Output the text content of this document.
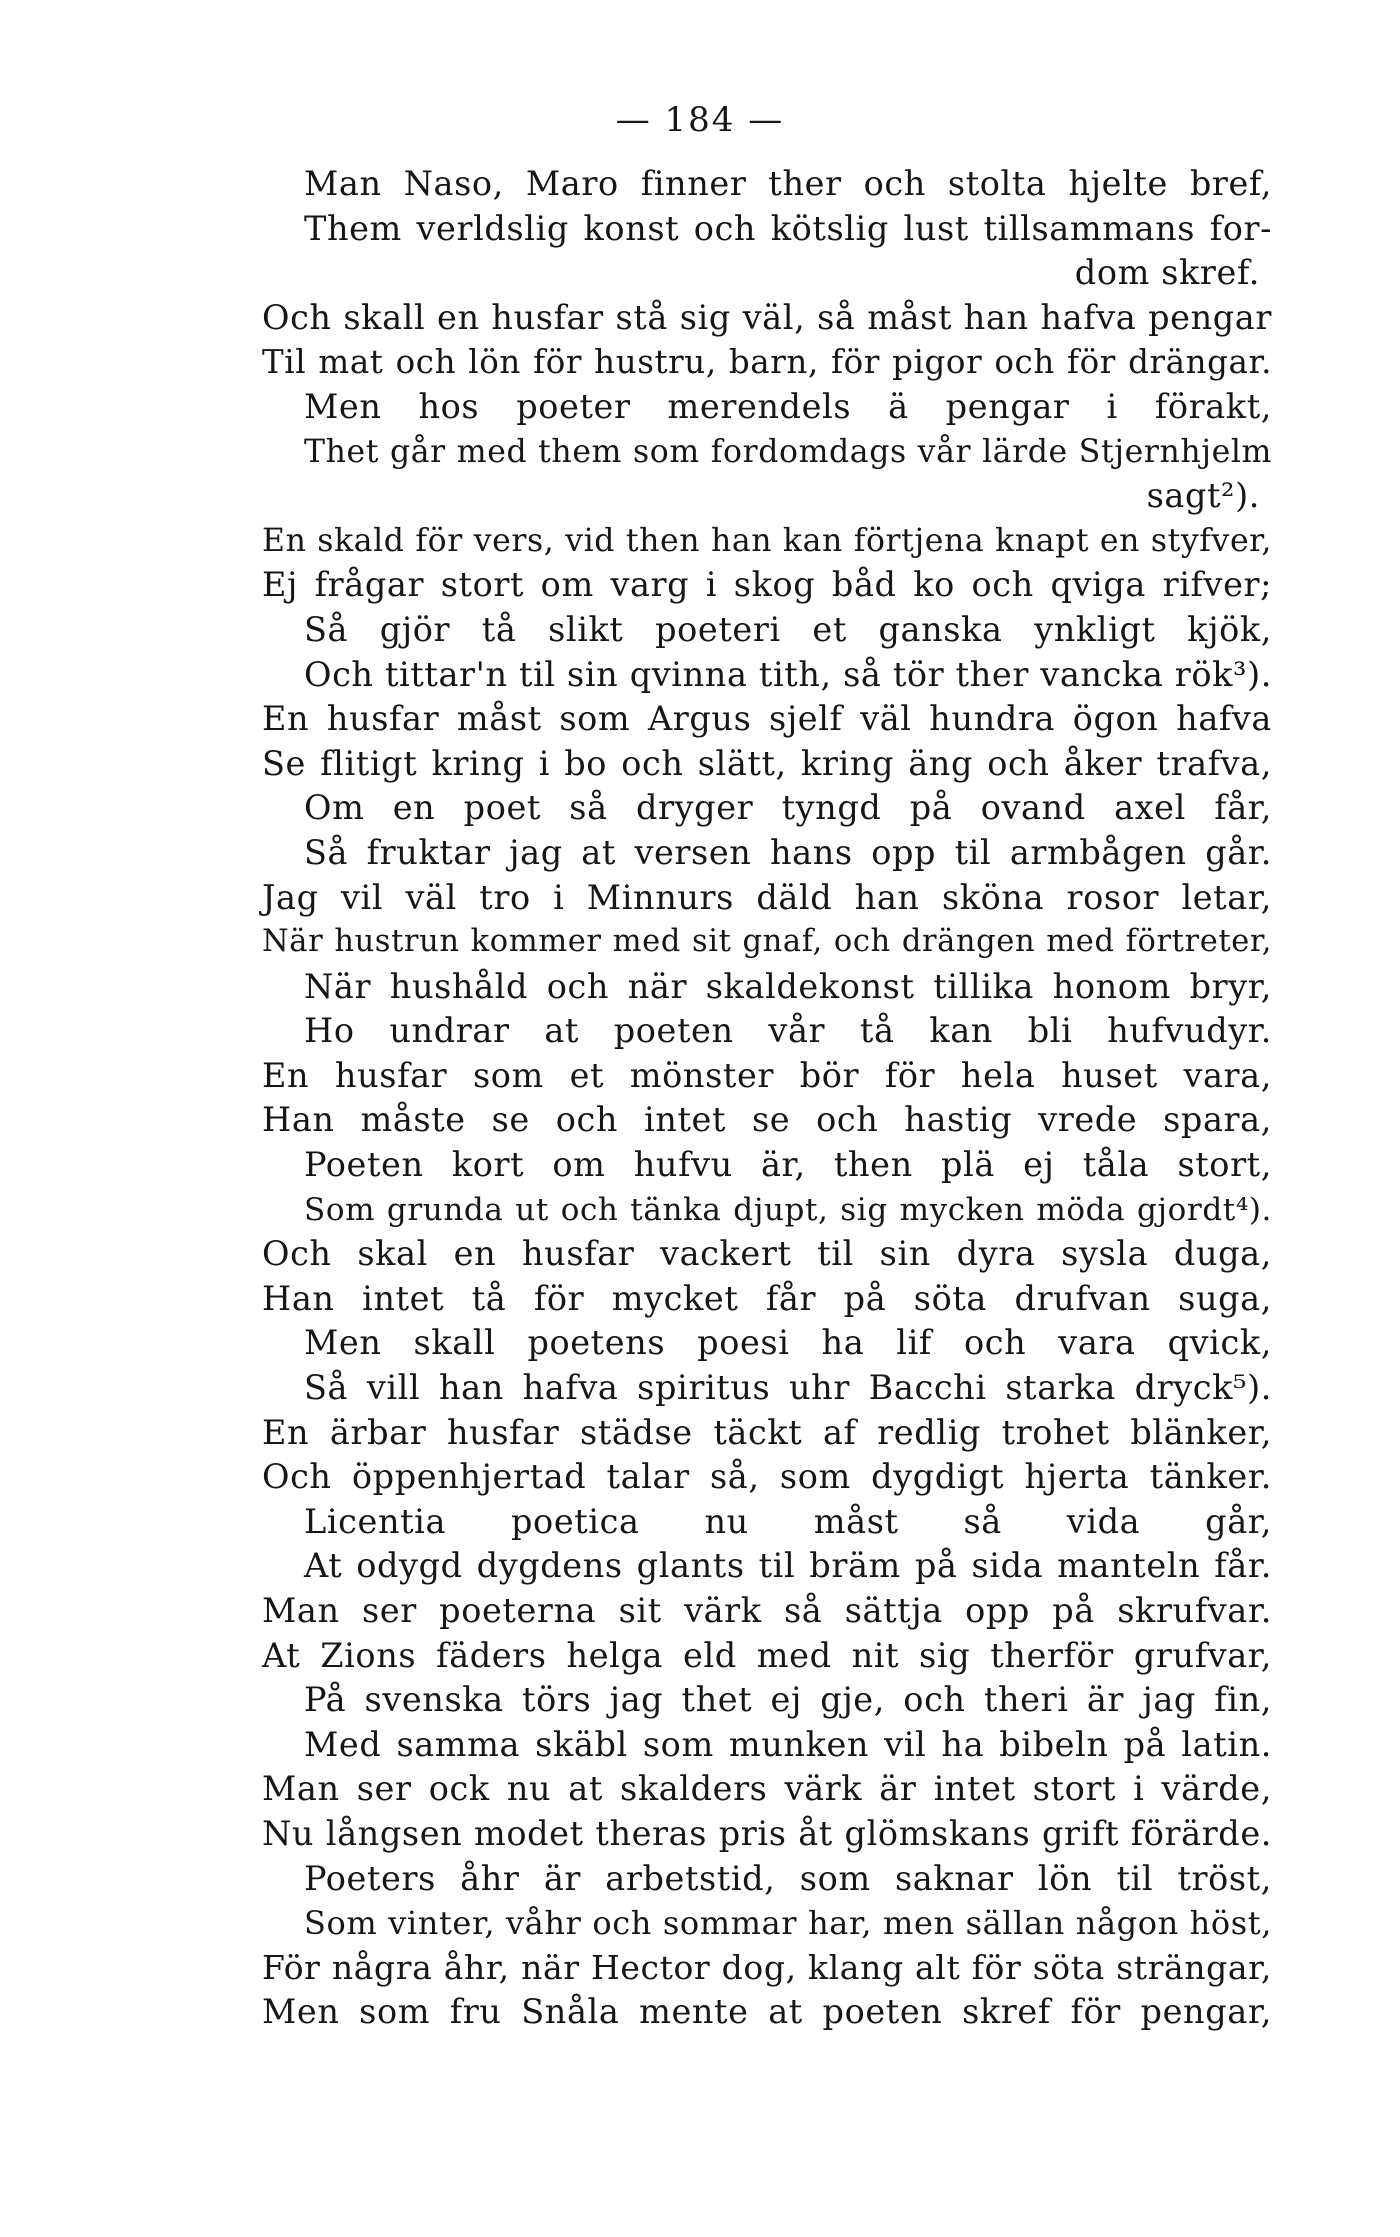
— 184 —
Man Naso, Maro finner ther och stolta hjelte bref,
Them verldslig konst och kötslig lust tillsammans for-
dom skref.
Och skall en husfar stå sig väl, så måst han hafva pengar
Til mat och lön för hustru, barn, för pigor och för drängar.
Men hos poeter merendels ä pengar i förakt,
Thet går med them som fordomdags vår lärde Stjernhjelm
sagt²).
En skald för vers, vid then han kan förtjena knapt en styfver,
Ej frågar stort om varg i skog båd ko och qviga rifver;
Så gjör tå slikt poeteri et ganska ynkligt kjök,
Och tittar'n til sin qvinna tith, så tör ther vancka rök³).
En husfar måst som Argus sjelf väl hundra ögon hafva
Se flitigt kring i bo och slätt, kring äng och åker trafva,
Om en poet så dryger tyngd på ovand axel får,
Så fruktar jag at versen hans opp til armbågen går.
Jag vil väl tro i Minnurs däld han sköna rosor letar,
När hustrun kommer med sit gnaf, och drängen med förtreter,
När hushåld och när skaldekonst tillika honom bryr,
Ho undrar at poeten vår tå kan bli hufvudyr.
En husfar som et mönster bör för hela huset vara,
Han måste se och intet se och hastig vrede spara,
Poeten kort om hufvu är, then plä ej tåla stort,
Som grunda ut och tänka djupt, sig mycken möda gjordt⁴).
Och skal en husfar vackert til sin dyra sysla duga,
Han intet tå för mycket får på söta drufvan suga,
Men skall poetens poesi ha lif och vara qvick,
Så vill han hafva spiritus uhr Bacchi starka dryck⁵).
En ärbar husfar städse täckt af redlig trohet blänker,
Och öppenhjertad talar så, som dygdigt hjerta tänker.
Licentia poetica nu måst så vida går,
At odygd dygdens glants til bräm på sida manteln får.
Man ser poeterna sit värk så sättja opp på skrufvar.
At Zions fäders helga eld med nit sig therför grufvar,
På svenska törs jag thet ej gje, och theri är jag fin,
Med samma skäbl som munken vil ha bibeln på latin.
Man ser ock nu at skalders värk är intet stort i värde,
Nu långsen modet theras pris åt glömskans grift förärde.
Poeters åhr är arbetstid, som saknar lön til tröst,
Som vinter, våhr och sommar har, men sällan någon höst,
För några åhr, när Hector dog, klang alt för söta strängar,
Men som fru Snåla mente at poeten skref för pengar,
